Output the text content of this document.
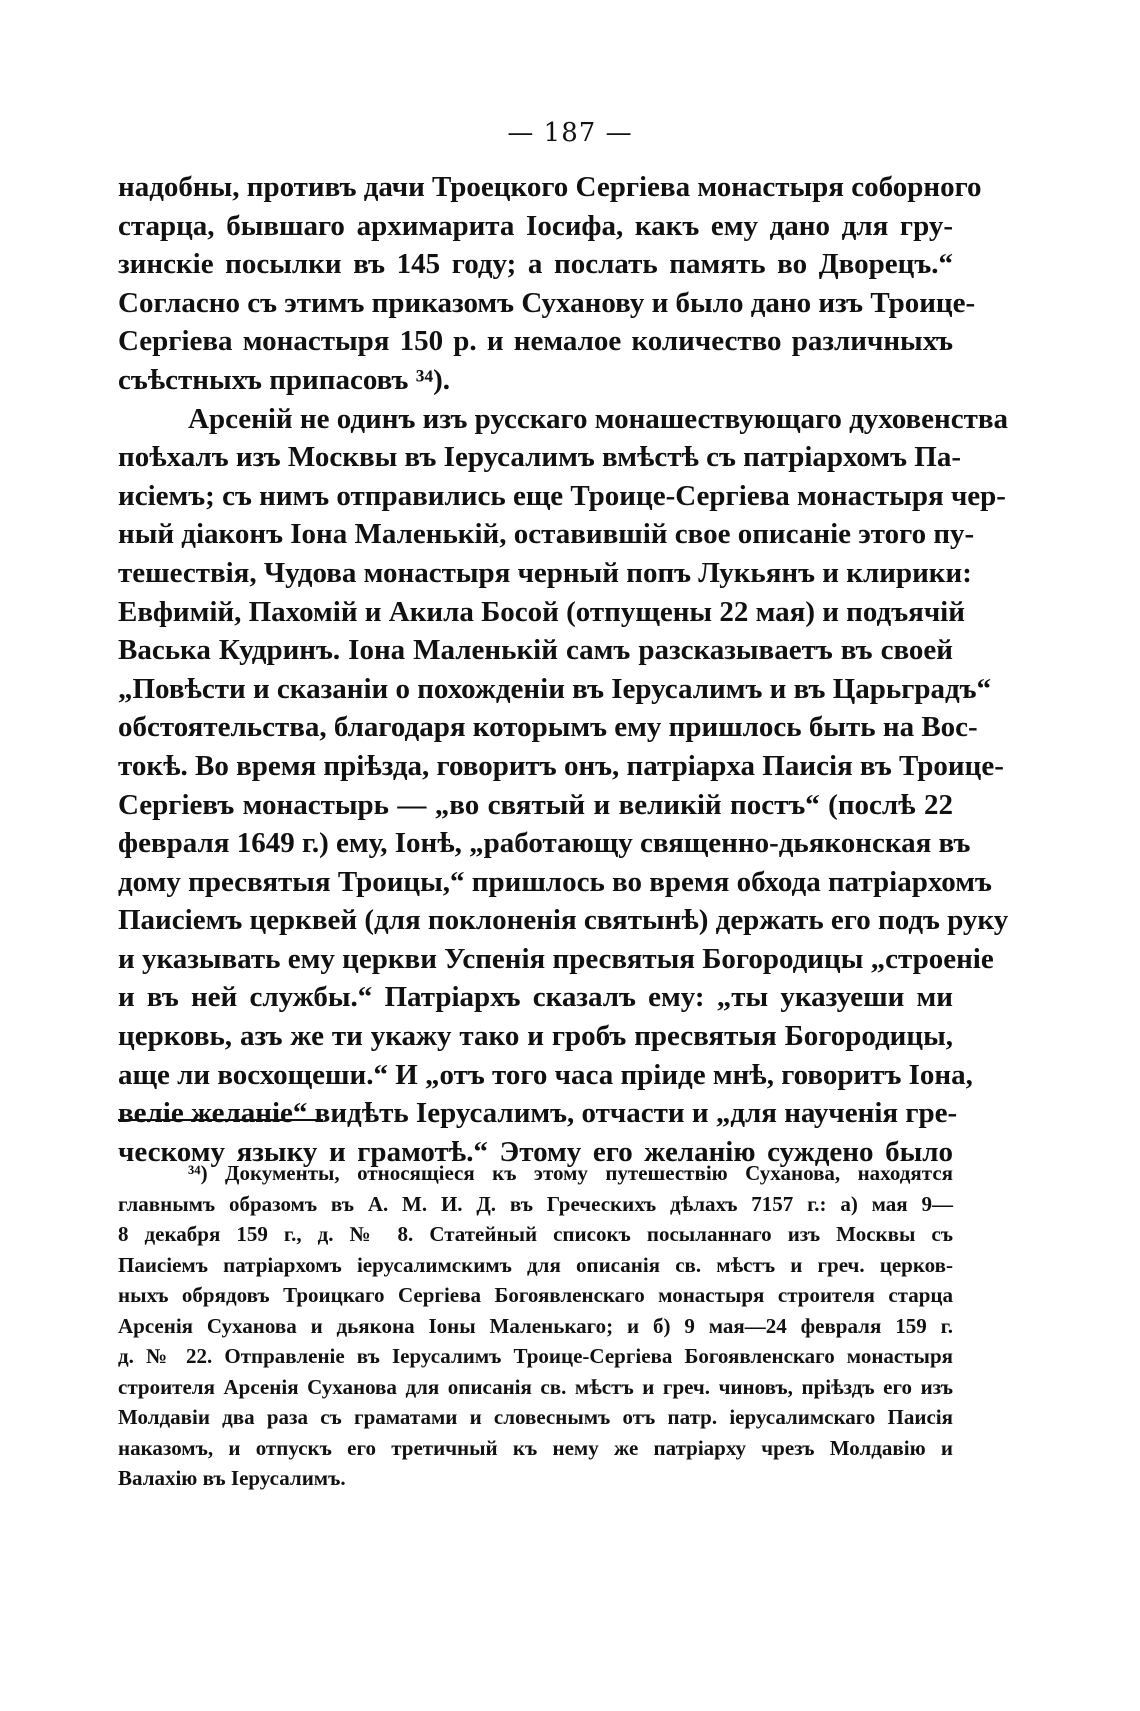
— 187 —
надобны, противъ дачи Троецкого Сергiева монастыря соборного
старца, бывшаго архимарита Iосифа, какъ ему дано для гру-
зинскiе посылки въ 145 году; а послать память во Дворецъ.“
Согласно съ этимъ приказомъ Суханову и было дано изъ Троице-
Сергiева монастыря 150 р. и немалое количество различныхъ
съѣстныхъ припасовъ ³⁴).
Арсенiй не одинъ изъ русскаго монашествующаго духовенства
поѣхалъ изъ Москвы въ Iерусалимъ вмѣстѣ съ патрiархомъ Па-
исiемъ; съ нимъ отправились еще Троице-Сергiева монастыря чер-
ный дiаконъ Iона Маленькiй, оставившiй свое описанiе этого пу-
тешествiя, Чудова монастыря черный попъ Лукьянъ и клирики:
Евфимiй, Пахомiй и Акила Босой (отпущены 22 мая) и подъячiй
Васька Кудринъ. Iона Маленькiй самъ разсказываетъ въ своей
„Повѣсти и сказанiи о похожденiи въ Iерусалимъ и въ Царьградъ“
обстоятельства, благодаря которымъ ему пришлось быть на Вос-
токѣ. Во время прiѣзда, говоритъ онъ, патрiарха Паисiя въ Троице-
Сергiевъ монастырь — „во святый и великiй постъ“ (послѣ 22
февраля 1649 г.) ему, Iонѣ, „работающу священно-дьяконская въ
дому пресвятыя Троицы,“ пришлось во время обхода патрiархомъ
Паисiемъ церквей (для поклоненiя святынѣ) держать его подъ руку
и указывать ему церкви Успенiя пресвятыя Богородицы „строенiе
и въ ней службы.“ Патрiархъ сказалъ ему: „ты указуеши ми
церковь, азъ же ти укажу тако и гробъ пресвятыя Богородицы,
аще ли восхощеши.“ И „отъ того часа прiиде мнѣ, говоритъ Iона,
велiе желанiе“ видѣть Iерусалимъ, отчасти и „для наученiя гре-
ческому языку и грамотѣ.“ Этому его желанiю суждено было
³⁴) Документы, относящiеся къ этому путешествiю Суханова, находятся
главнымъ образомъ въ А. М. И. Д. въ Греческихъ дѣлахъ 7157 г.: а) мая 9—
8 декабря 159 г., д. № 8. Статейный списокъ посыланнаго изъ Москвы съ
Паисiемъ патрiархомъ iерусалимскимъ для описанiя св. мѣстъ и греч. церков-
ныхъ обрядовъ Троицкаго Сергiева Богоявленскаго монастыря строителя старца
Арсенiя Суханова и дьякона Iоны Маленькаго; и б) 9 мая—24 февраля 159 г.
д. № 22. Отправленiе въ Iерусалимъ Троице-Сергiева Богоявленскаго монастыря
строителя Арсенiя Суханова для описанiя св. мѣстъ и греч. чиновъ, прiѣздъ его изъ
Молдавiи два раза съ граматами и словеснымъ отъ патр. iерусалимскаго Паисiя
наказомъ, и отпускъ его третичный къ нему же патрiарху чрезъ Молдавiю и
Валахiю въ Iерусалимъ.
